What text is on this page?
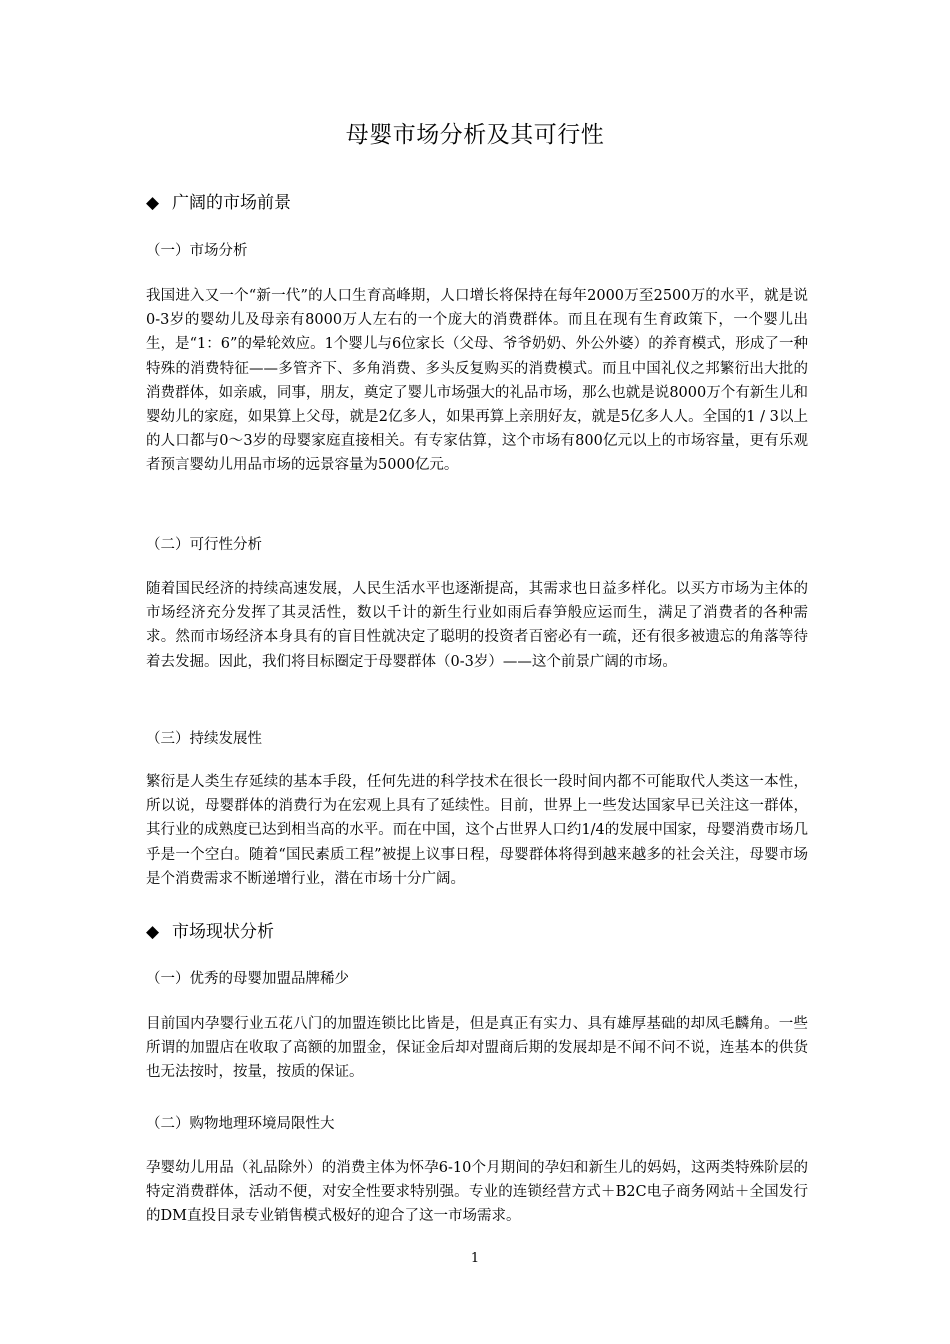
母婴市场分析及其可行性
◆ 广阔的市场前景
（一）市场分析

我国进入又一个“新一代”的人口生育高峰期，人口增长将保持在每年2000万至2500万的水平，就是说0-3岁的婴幼儿及母亲有8000万人左右的一个庞大的消费群体。而且在现有生育政策下，一个婴儿出生，是“1：6”的晕轮效应。1个婴儿与6位家长（父母、爷爷奶奶、外公外婆）的养育模式，形成了一种特殊的消费特征——多管齐下、多角消费、多头反复购买的消费模式。而且中国礼仪之邦繁衍出大批的消费群体，如亲戚，同事，朋友，奠定了婴儿市场强大的礼品市场，那么也就是说8000万个有新生儿和婴幼儿的家庭，如果算上父母，就是2亿多人，如果再算上亲朋好友，就是5亿多人人。全国的1 / 3以上的人口都与0～3岁的母婴家庭直接相关。有专家估算，这个市场有800亿元以上的市场容量，更有乐观者预言婴幼儿用品市场的远景容量为5000亿元。

（二）可行性分析

随着国民经济的持续高速发展，人民生活水平也逐渐提高，其需求也日益多样化。以买方市场为主体的市场经济充分发挥了其灵活性，数以千计的新生行业如雨后春笋般应运而生，满足了消费者的各种需求。然而市场经济本身具有的盲目性就决定了聪明的投资者百密必有一疏，还有很多被遗忘的角落等待着去发掘。因此，我们将目标圈定于母婴群体（0-3岁）——这个前景广阔的市场。

（三）持续发展性

繁衍是人类生存延续的基本手段，任何先进的科学技术在很长一段时间内都不可能取代人类这一本性，所以说，母婴群体的消费行为在宏观上具有了延续性。目前，世界上一些发达国家早已关注这一群体，其行业的成熟度已达到相当高的水平。而在中国，这个占世界人口约1/4的发展中国家，母婴消费市场几乎是一个空白。随着“国民素质工程”被提上议事日程，母婴群体将得到越来越多的社会关注，母婴市场是个消费需求不断递增行业，潜在市场十分广阔。

◆ 市场现状分析
（一）优秀的母婴加盟品牌稀少

目前国内孕婴行业五花八门的加盟连锁比比皆是，但是真正有实力、具有雄厚基础的却凤毛麟角。一些所谓的加盟店在收取了高额的加盟金，保证金后却对盟商后期的发展却是不闻不问不说，连基本的供货也无法按时，按量，按质的保证。

（二）购物地理环境局限性大

孕婴幼儿用品（礼品除外）的消费主体为怀孕6-10个月期间的孕妇和新生儿的妈妈，这两类特殊阶层的特定消费群体，活动不便，对安全性要求特别强。专业的连锁经营方式＋B2C电子商务网站＋全国发行的DM直投目录专业销售模式极好的迎合了这一市场需求。

1
